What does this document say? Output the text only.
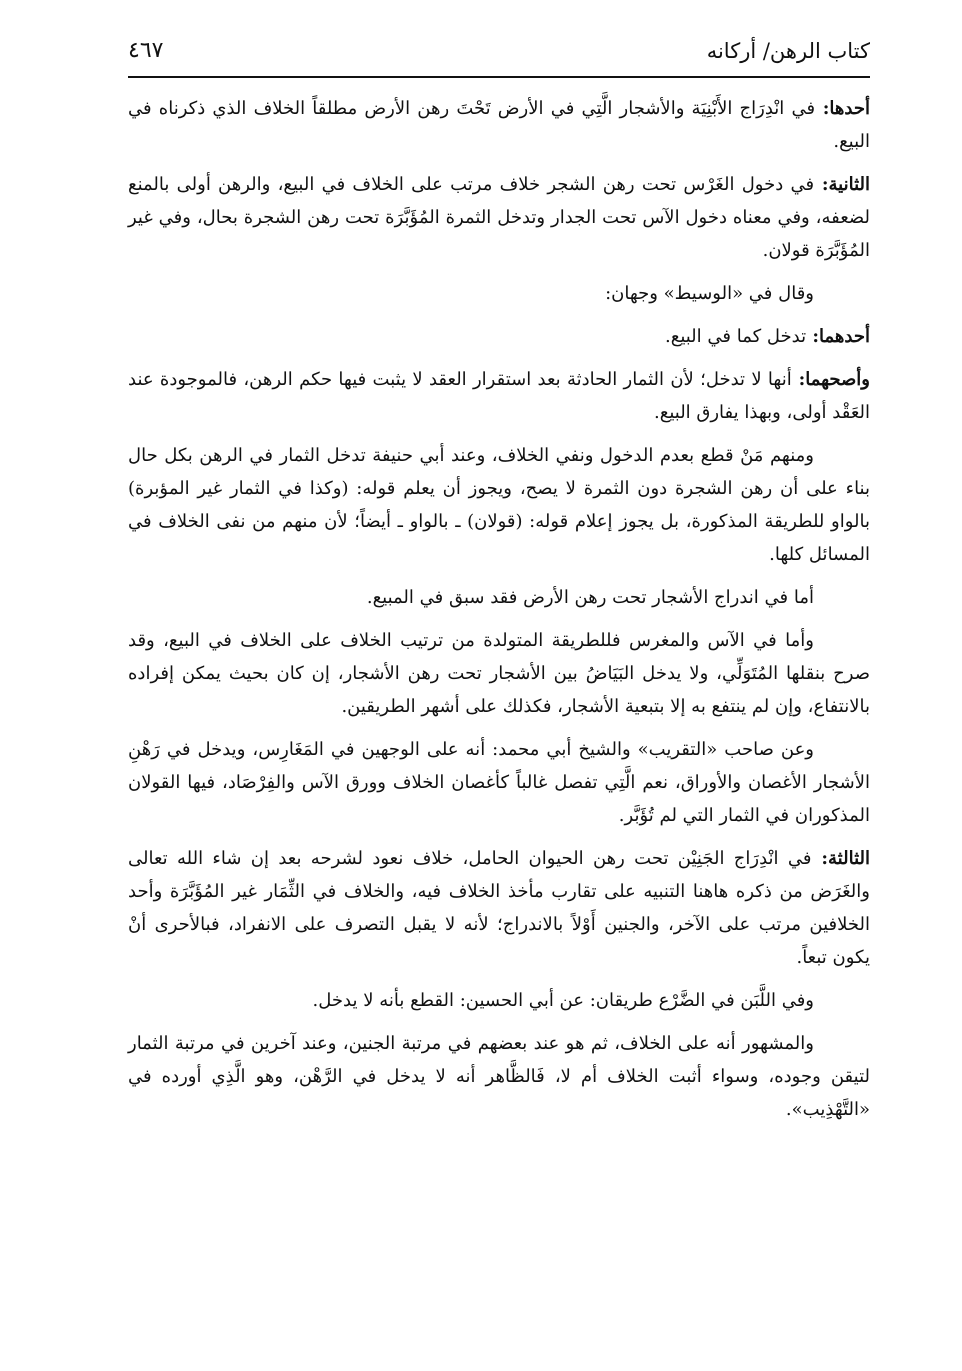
كتاب الرهن/ أركانه
٤٦٧

أحدها: في انْدِرَاج الأَبْنِيَة والأشجار الَّتِي في الأرض تَحْتَ رهن الأرض مطلقاً الخلاف الذي ذكرناه في البيع.

الثانية: في دخول الغَرْس تحت رهن الشجر خلاف مرتب على الخلاف في البيع، والرهن أولى بالمنع لضعفه، وفي معناه دخول الآس تحت الجدار وتدخل الثمرة المُؤَبَّرَة تحت رهن الشجرة بحال، وفي غير المُؤَبَّرَة قولان.

وقال في «الوسيط» وجهان:

أحدهما: تدخل كما في البيع.

وأصحهما: أنها لا تدخل؛ لأن الثمار الحادثة بعد استقرار العقد لا يثبت فيها حكم الرهن، فالموجودة عند العَقْد أولى، وبهذا يفارق البيع.

ومنهم مَنْ قطع بعدم الدخول ونفي الخلاف، وعند أبي حنيفة تدخل الثمار في الرهن بكل حال بناء على أن رهن الشجرة دون الثمرة لا يصح، ويجوز أن يعلم قوله: (وكذا في الثمار غير المؤبرة) بالواو للطريقة المذكورة، بل يجوز إعلام قوله: (قولان) ـ بالواو ـ أيضاً؛ لأن منهم من نفى الخلاف في المسائل كلها.

أما في اندراج الأشجار تحت رهن الأرض فقد سبق في المبيع.

وأما في الآس والمغرس فللطريقة المتولدة من ترتيب الخلاف على الخلاف في البيع، وقد صرح بنقلها المُتَوَلِّي، ولا يدخل البَيَاضُ بين الأشجار تحت رهن الأشجار، إن كان بحيث يمكن إفراده بالانتفاع، وإن لم ينتفع به إلا بتبعية الأشجار، فكذلك على أشهر الطريقين.

وعن صاحب «التقريب» والشيخ أبي محمد: أنه على الوجهين في المَغَارِس، ويدخل في رَهْنِ الأشجار الأغصان والأوراق، نعم الَّتِي تفصل غالباً كأغصان الخلاف وورق الآس والفِرْصَاد، فيها القولان المذكوران في الثمار التي لم تُؤَبَّر.

الثالثة: في انْدِرَاج الجَنِيْن تحت رهن الحيوان الحامل، خلاف نعود لشرحه بعد إن شاء الله تعالى والغَرَض من ذكره هاهنا التنبيه على تقارب مأخذ الخلاف فيه، والخلاف في الثِّمَار غير المُؤَبَّرَة وأحد الخلافين مرتب على الآخر، والجنين أَوْلاً بالاندراج؛ لأنه لا يقبل التصرف على الانفراد، فبالأحرى أنْ يكون تبعاً.

وفي اللَّبَن في الضَّرْع طريقان: عن أبي الحسين: القطع بأنه لا يدخل.

والمشهور أنه على الخلاف، ثم هو عند بعضهم في مرتبة الجنين، وعند آخرين في مرتبة الثمار لتيقن وجوده، وسواء أثبت الخلاف أم لا، فَالظَّاهر أنه لا يدخل في الرَّهْن، وهو الَّذِي أورده في «التَّهْذِيب».
